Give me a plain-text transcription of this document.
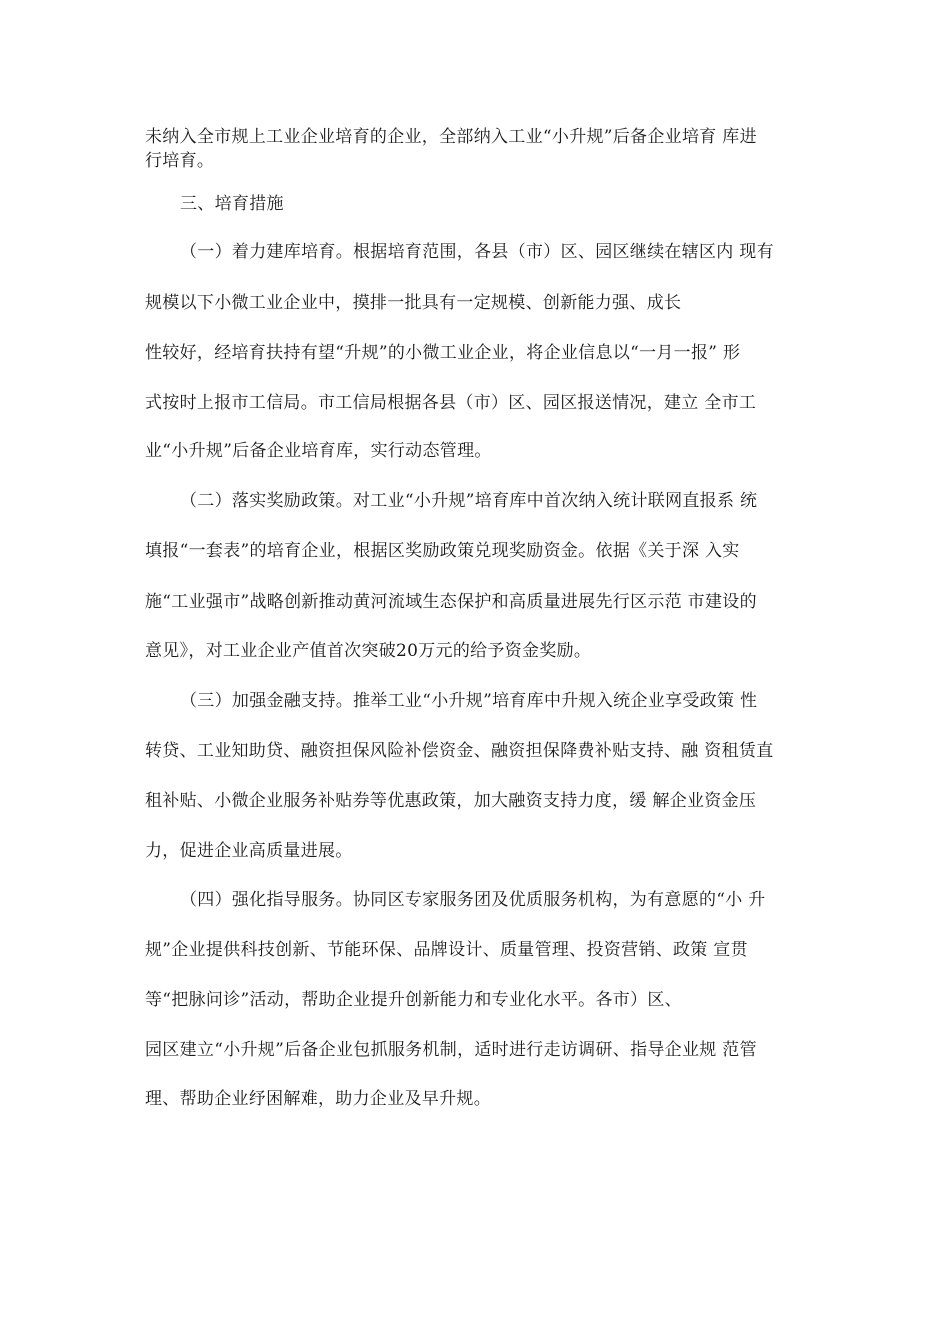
未纳入全市规上工业企业培育的企业，全部纳入工业“小升规”后备企业培育 库进
行培育。
三、培育措施
（一）着力建库培育。根据培育范围，各县（市）区、园区继续在辖区内 现有
规模以下小微工业企业中，摸排一批具有一定规模、创新能力强、成长
性较好，经培育扶持有望“升规”的小微工业企业，将企业信息以“一月一报” 形
式按时上报市工信局。市工信局根据各县（市）区、园区报送情况，建立 全市工
业“小升规”后备企业培育库，实行动态管理。
（二）落实奖励政策。对工业“小升规”培育库中首次纳入统计联网直报系 统
填报“一套表”的培育企业，根据区奖励政策兑现奖励资金。依据《关于深 入实
施“工业强市”战略创新推动黄河流域生态保护和高质量进展先行区示范 市建设的
意见》，对工业企业产值首次突破20万元的给予资金奖励。
（三）加强金融支持。推举工业“小升规”培育库中升规入统企业享受政策 性
转贷、工业知助贷、融资担保风险补偿资金、融资担保降费补贴支持、融 资租赁直
租补贴、小微企业服务补贴券等优惠政策，加大融资支持力度，缓 解企业资金压
力，促进企业高质量进展。
（四）强化指导服务。协同区专家服务团及优质服务机构，为有意愿的“小 升
规”企业提供科技创新、节能环保、品牌设计、质量管理、投资营销、政策 宣贯
等“把脉问诊”活动，帮助企业提升创新能力和专业化水平。各市）区、
园区建立“小升规”后备企业包抓服务机制，适时进行走访调研、指导企业规 范管
理、帮助企业纾困解难，助力企业及早升规。
